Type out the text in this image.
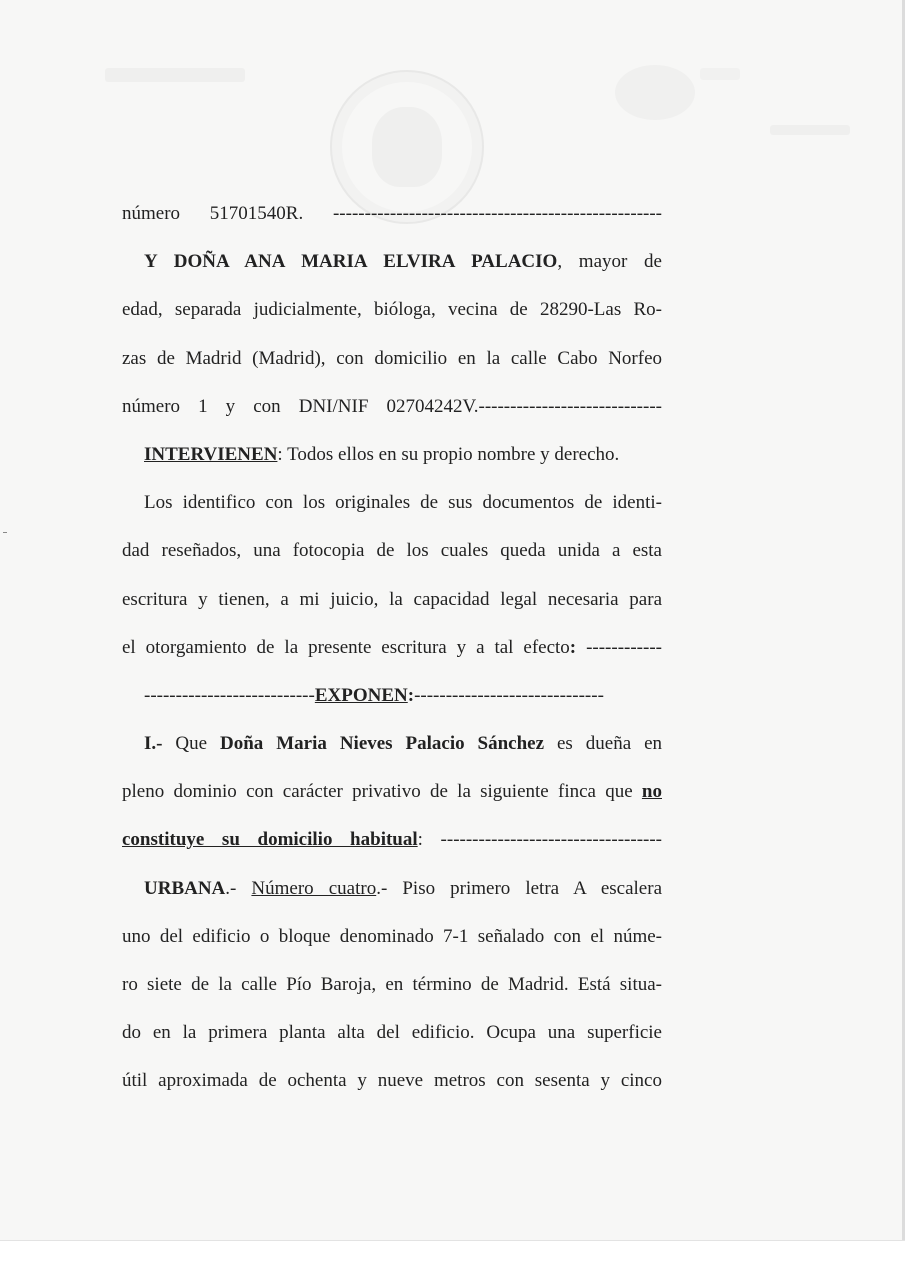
número 51701540R. ----------------------------------------------------
Y DOÑA ANA MARIA ELVIRA PALACIO, mayor de
edad, separada judicialmente, bióloga, vecina de 28290-Las Ro-
zas de Madrid (Madrid), con domicilio en la calle Cabo Norfeo
número 1 y con DNI/NIF 02704242V.-----------------------------
INTERVIENEN: Todos ellos en su propio nombre y derecho.
Los identifico con los originales de sus documentos de identi-
dad reseñados, una fotocopia de los cuales queda unida a esta
escritura y tienen, a mi juicio, la capacidad legal necesaria para
el otorgamiento de la presente escritura y a tal efecto: ------------
---------------------------EXPONEN:------------------------------
I.- Que Doña Maria Nieves Palacio Sánchez es dueña en
pleno dominio con carácter privativo de la siguiente finca que no
constituye su domicilio habitual: -----------------------------------
URBANA.- Número cuatro.- Piso primero letra A escalera
uno del edificio o bloque denominado 7-1 señalado con el núme-
ro siete de la calle Pío Baroja, en término de Madrid. Está situa-
do en la primera planta alta del edificio. Ocupa una superficie
útil aproximada de ochenta y nueve metros con sesenta y cinco
